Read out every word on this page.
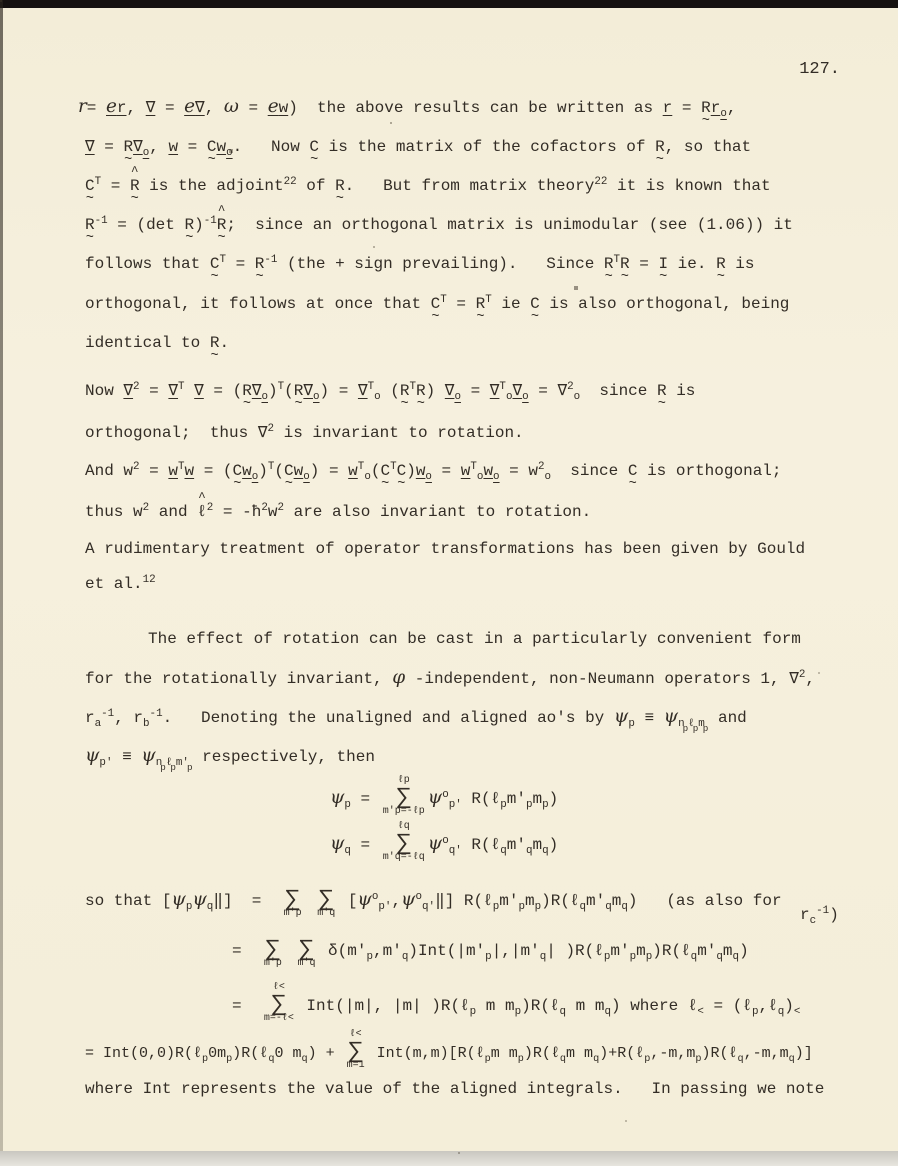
127.
r= er, ∇ = e∇, ω = ew)  the above results can be written as r = R
~
$r_o$,
∇ = R
~
$\nabla_o$, w = C
~
$w_o$.   Now C
~
is the matrix of the cofactors of R
~
, so that
C
~
$^T$ = R
~
^
is the adjoint$^{22}$ of R
~
.   But from matrix theory$^{22}$ it is known that
R
~
$^{-1}$ = (det R
~
)$^{-1}$R
~
^
;  since an orthogonal matrix is unimodular (see (1.06)) it
follows that C
~
$^T$ = R
~
$^{-1}$ (the + sign prevailing).   Since R
~
$^T$R
~
= I
~
ie. R
~
is
orthogonal, it follows at once that C
~
$^T$ = R
~
$^T$ ie C
~
is also orthogonal, being
identical to R
~
.
Now ∇$^2$ = ∇$^T$ ∇ = (R
~
$\nabla_o)^T(R$
~
$\nabla_o) = \nabla^T_o$ (R
~
$^T$R
~
) $\nabla_o = \nabla^T_o\nabla_o = \nabla^2_o$  since R
~
is
orthogonal;  thus ∇$^2$ is invariant to rotation.
And $w^2 = w^Tw = (C$
~
$w_o)^T(C$
~
$w_o) = w^T_o(C$
~
$^T$C
~
)$w_o = w^T_ow_o = w^2_o$  since C
~
is orthogonal;
thus $w^2$ and ℓ
^
$^2 = -ħ^2w^2$ are also invariant to rotation.
A rudimentary treatment of operator transformations has been given by Gould
et al.$^{12}$
The effect of rotation can be cast in a particularly convenient form
for the rotationally invariant, φ -independent, non-Neumann operators 1, ∇$^2$,
$r_a^{-1}$, $r_b^{-1}$.   Denoting the unaligned and aligned ao's by $\psi_p \equiv \psi_{np\ell pmp}$ and
$\psi_{p'} \equiv \psi_{np\ell pm'p}$ respectively, then
$\psi_p$ =
ℓp
∑
m'p=-ℓp
$\psi^o_{p'}$ $R(\ell_pm'_pm_p)$
$\psi_q$ =
ℓq
∑
m'q=-ℓq
$\psi^o_{q'}$ $R(\ell_qm'_qm_q)$
so that $[\psi_p\psi_q‖]$  =
∑
m'p

∑
m'q
$[\psi^o_{p'},\psi^o_{q'}‖]$ $R(\ell_pm'_pm_p)R(\ell_qm'_qm_q)$   (as also for
$r_c^{-1}$)
=
∑
m'p

∑
m'q
$\delta(m'_p,m'_q)Int(|m'_p|,|m'_q|$ )$R(\ell_pm'_pm_p)R(\ell_qm'_qm_q)$
=
ℓ<
∑
m=-ℓ<
Int(|m|, |m| )R(ℓ$_p$ m $m_p)R(\ell_q$ m $m_q$) where ℓ$_<$ = $(\ell_p,\ell_q)_<$
= $Int(0,0)R(\ell_p0m_p)R(\ell_q0$ $m_q$) +
ℓ<
∑
m=1
Int(m,m)[R(ℓ$_p$m $m_p)R(\ell_qm$ $m_q)+R(\ell_p,-m,m_p)R(\ell_q,-m,m_q)$]
where Int represents the value of the aligned integrals.   In passing we note
